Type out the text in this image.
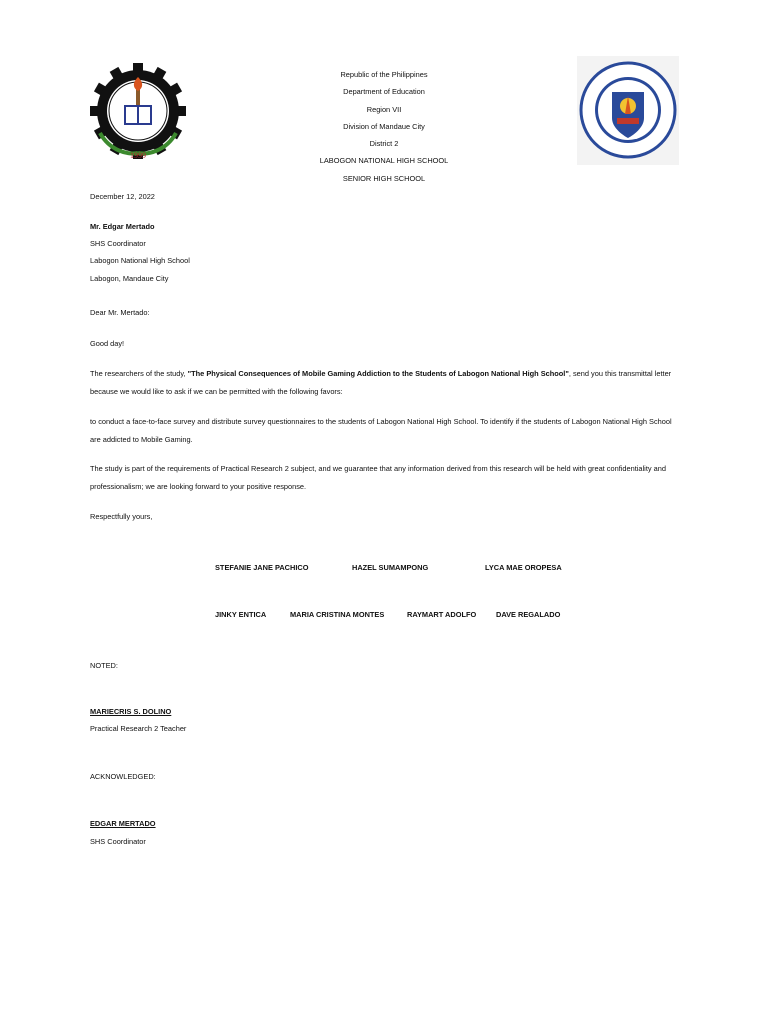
1999
Republic of the Philippines
Department of Education
Region VII
Division of Mandaue City
District 2
LABOGON NATIONAL HIGH SCHOOL
SENIOR HIGH SCHOOL
December 12, 2022
Mr. Edgar Mertado
SHS Coordinator
Labogon National High School
Labogon, Mandaue City
Dear Mr. Mertado:
Good day!
The researchers of the study, "The Physical Consequences of Mobile Gaming Addiction to the Students of Labogon National High School", send you this transmittal letter because we would like to ask if we can be permitted with the following favors:
to conduct a face-to-face survey and distribute survey questionnaires to the students of Labogon National High School. To identify if the students of Labogon National High School are addicted to Mobile Gaming.
The study is part of the requirements of Practical Research 2 subject, and we guarantee that any information derived from this research will be held with great confidentiality and professionalism; we are looking forward to your positive response.
Respectfully yours,
STEFANIE JANE PACHICO	HAZEL SUMAMPONG	LYCA MAE OROPESA
JINKY ENTICA	MARIA CRISTINA MONTES	RAYMART ADOLFO	DAVE REGALADO
NOTED:
MARIECRIS S. DOLINO
Practical Research 2 Teacher
ACKNOWLEDGED:
EDGAR MERTADO
SHS Coordinator
